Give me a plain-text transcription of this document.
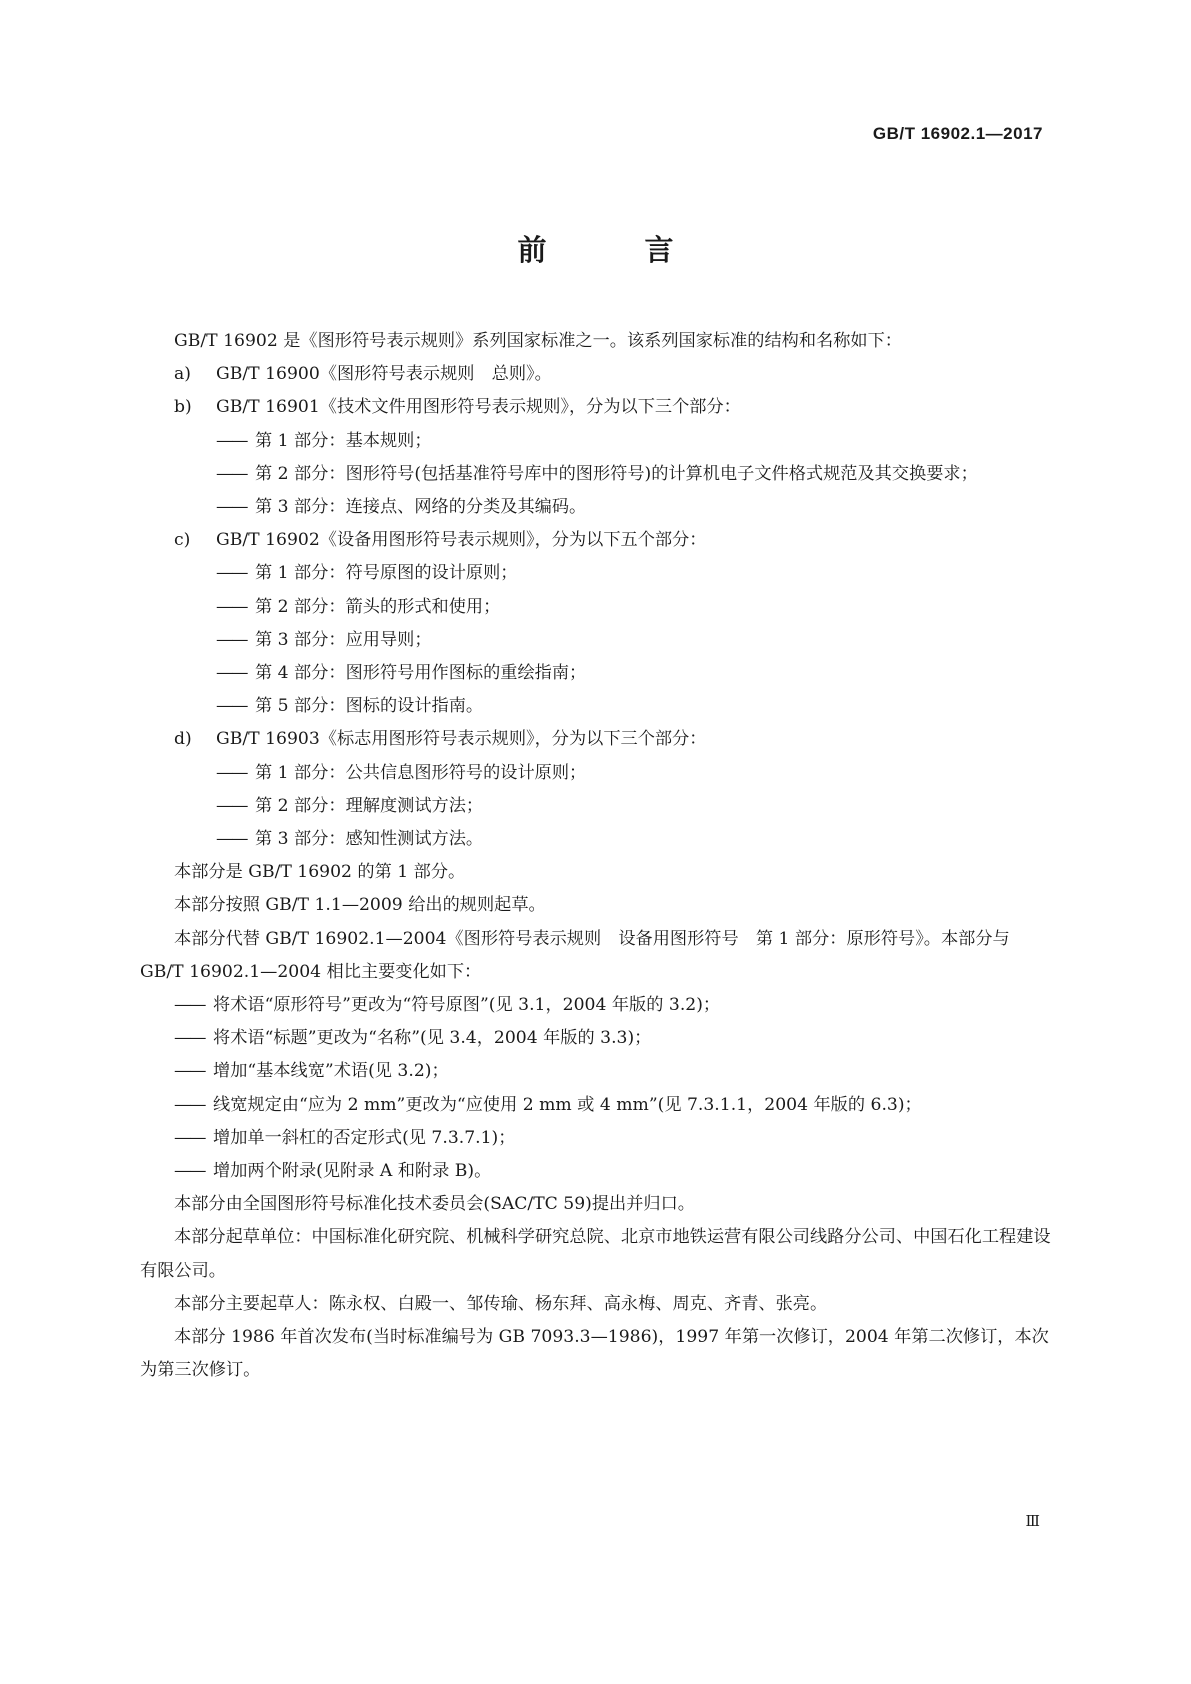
GB/T 16902.1—2017
前 言

GB/T 16902 是《图形符号表示规则》系列国家标准之一。该系列国家标准的结构和名称如下：

a)	GB/T 16900《图形符号表示规则　总则》。
b)	GB/T 16901《技术文件用图形符号表示规则》，分为以下三个部分：
—— 第 1 部分：基本规则；
—— 第 2 部分：图形符号(包括基准符号库中的图形符号)的计算机电子文件格式规范及其交换要求；
—— 第 3 部分：连接点、网络的分类及其编码。
c)	GB/T 16902《设备用图形符号表示规则》，分为以下五个部分：
—— 第 1 部分：符号原图的设计原则；
—— 第 2 部分：箭头的形式和使用；
—— 第 3 部分：应用导则；
—— 第 4 部分：图形符号用作图标的重绘指南；
—— 第 5 部分：图标的设计指南。
d)	GB/T 16903《标志用图形符号表示规则》，分为以下三个部分：
—— 第 1 部分：公共信息图形符号的设计原则；
—— 第 2 部分：理解度测试方法；
—— 第 3 部分：感知性测试方法。

本部分是 GB/T 16902 的第 1 部分。

本部分按照 GB/T 1.1—2009 给出的规则起草。

本部分代替 GB/T 16902.1—2004《图形符号表示规则　设备用图形符号　第 1 部分：原形符号》。本部分与 GB/T 16902.1—2004 相比主要变化如下：

—— 将术语“原形符号”更改为“符号原图”(见 3.1，2004 年版的 3.2)；
—— 将术语“标题”更改为“名称”(见 3.4，2004 年版的 3.3)；
—— 增加“基本线宽”术语(见 3.2)；
—— 线宽规定由“应为 2 mm”更改为“应使用 2 mm 或 4 mm”(见 7.3.1.1，2004 年版的 6.3)；
—— 增加单一斜杠的否定形式(见 7.3.7.1)；
—— 增加两个附录(见附录 A 和附录 B)。

本部分由全国图形符号标准化技术委员会(SAC/TC 59)提出并归口。

本部分起草单位：中国标准化研究院、机械科学研究总院、北京市地铁运营有限公司线路分公司、中国石化工程建设有限公司。

本部分主要起草人：陈永权、白殿一、邹传瑜、杨东拜、高永梅、周克、齐青、张亮。

本部分 1986 年首次发布(当时标准编号为 GB 7093.3—1986)，1997 年第一次修订，2004 年第二次修订，本次为第三次修订。

Ⅲ
